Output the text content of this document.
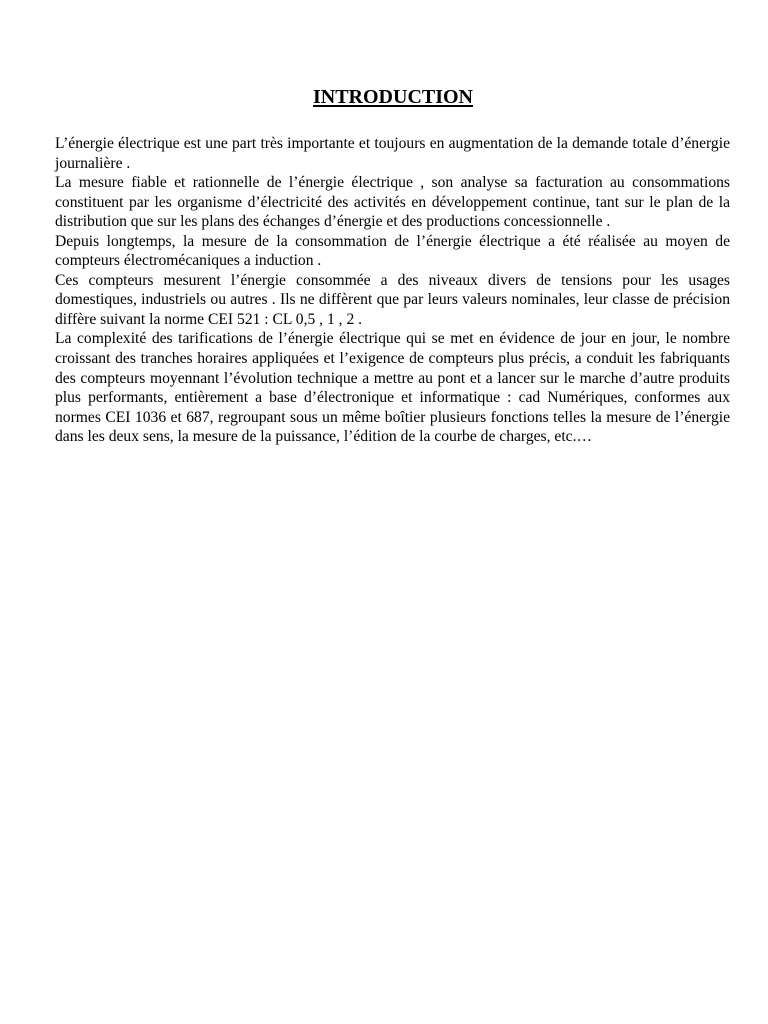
INTRODUCTION

L’énergie électrique est une part très importante et toujours en augmentation de la demande totale d’énergie journalière .

La mesure fiable et rationnelle de l’énergie électrique , son analyse sa facturation au consommations constituent par les organisme d’électricité des activités en développement continue, tant sur le plan de la distribution que sur les plans des échanges d’énergie et des productions concessionnelle .

Depuis longtemps, la mesure de la consommation de l’énergie électrique a été réalisée au moyen de compteurs électromécaniques a induction .

Ces compteurs mesurent l’énergie consommée a des niveaux divers de tensions pour les usages domestiques, industriels ou autres . Ils ne diffèrent que par leurs valeurs nominales, leur classe de précision diffère suivant la norme CEI 521 : CL 0,5 , 1 , 2 .

La complexité des tarifications de l’énergie électrique qui se met en évidence de jour en jour, le nombre croissant des tranches horaires appliquées et l’exigence de compteurs plus précis, a conduit les fabriquants des compteurs moyennant l’évolution technique a mettre au pont et a lancer sur le marche d’autre produits plus performants, entièrement a base d’électronique et informatique : cad Numériques, conformes aux normes CEI 1036 et 687, regroupant sous un même boîtier plusieurs fonctions telles la mesure de l’énergie dans les deux sens, la mesure de la puissance, l’édition de la courbe de charges, etc.…
